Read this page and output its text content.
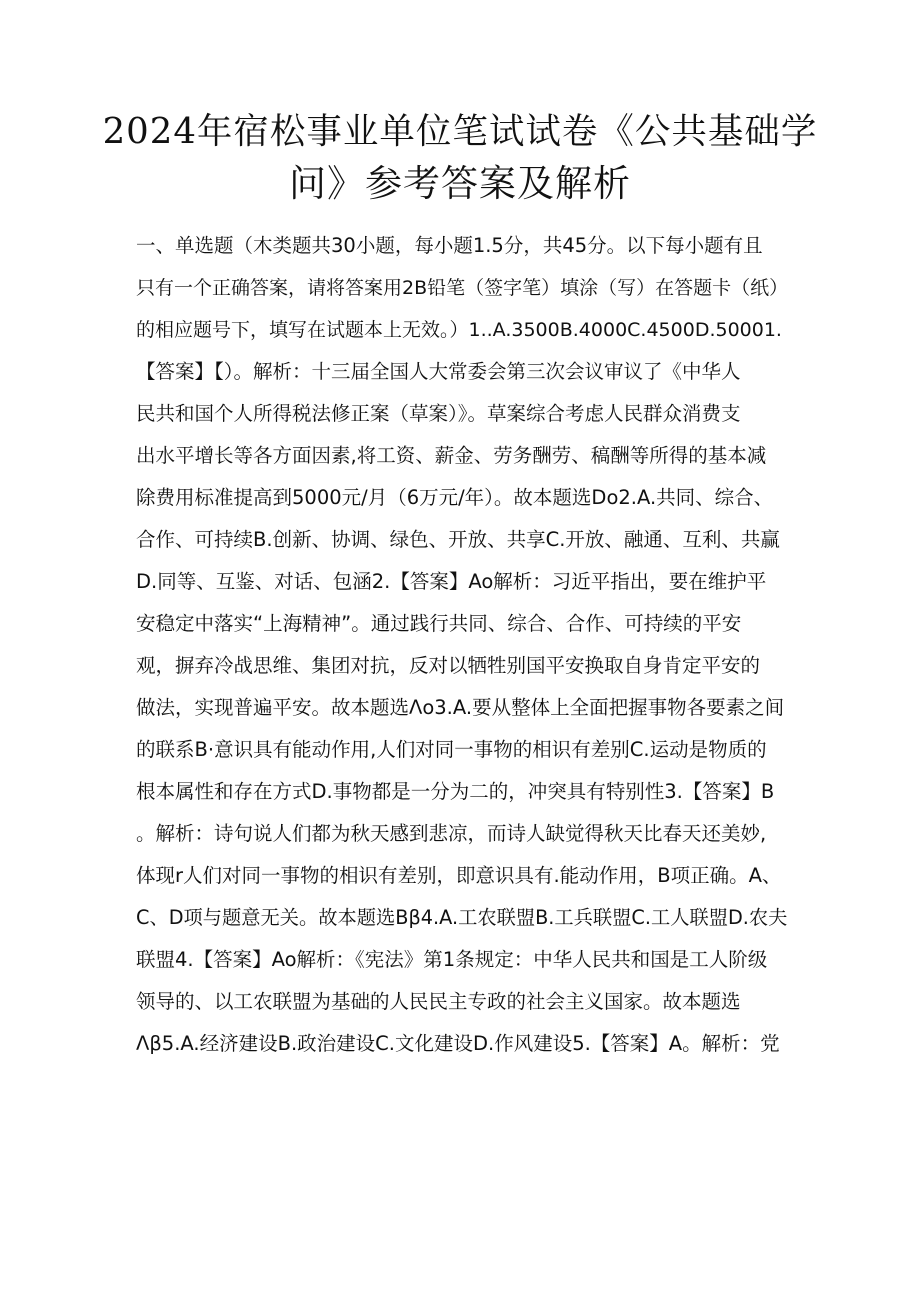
2024年宿松事业单位笔试试卷《公共基础学
问》参考答案及解析
一、单选题（木类题共30小题，每小题1.5分，共45分。以下每小题有且
只有一个正确答案，请将答案用2B铅笔（签字笔）填涂（写）在答题卡（纸）
的相应题号下，填写在试题本上无效。）1..A.3500B.4000C.4500D.50001.
【答案】【）。解析：十三届全国人大常委会第三次会议审议了《中华人
民共和国个人所得税法修正案（草案）》。草案综合考虑人民群众消费支
出水平增长等各方面因素,将工资、薪金、劳务酬劳、稿酬等所得的基本减
除费用标准提高到5000元/月（6万元/年）。故本题选Do2.A.共同、综合、
合作、可持续B.创新、协调、绿色、开放、共享C.开放、融通、互利、共赢
D.同等、互鉴、对话、包涵2.【答案】Ao解析：习近平指出，要在维护平
安稳定中落实“上海精神”。通过践行共同、综合、合作、可持续的平安
观，摒弃冷战思维、集团对抗，反对以牺牲别国平安换取自身肯定平安的
做法，实现普遍平安。故本题选Λo3.A.要从整体上全面把握事物各要素之间
的联系B·意识具有能动作用,人们对同一事物的相识有差别C.运动是物质的
根本属性和存在方式D.事物都是一分为二的，冲突具有特别性3.【答案】B
。解析：诗句说人们都为秋天感到悲凉，而诗人缺觉得秋天比春天还美妙,
体现r人们对同一事物的相识有差别，即意识具有.能动作用，B项正确。A、
C、D项与题意无关。故本题选Bβ4.A.工农联盟B.工兵联盟C.工人联盟D.农夫
联盟4.【答案】Ao解析：《宪法》第1条规定：中华人民共和国是工人阶级
领导的、以工农联盟为基础的人民民主专政的社会主义国家。故本题选
Λβ5.A.经济建设B.政治建设C.文化建设D.作风建设5.【答案】A。解析：党
